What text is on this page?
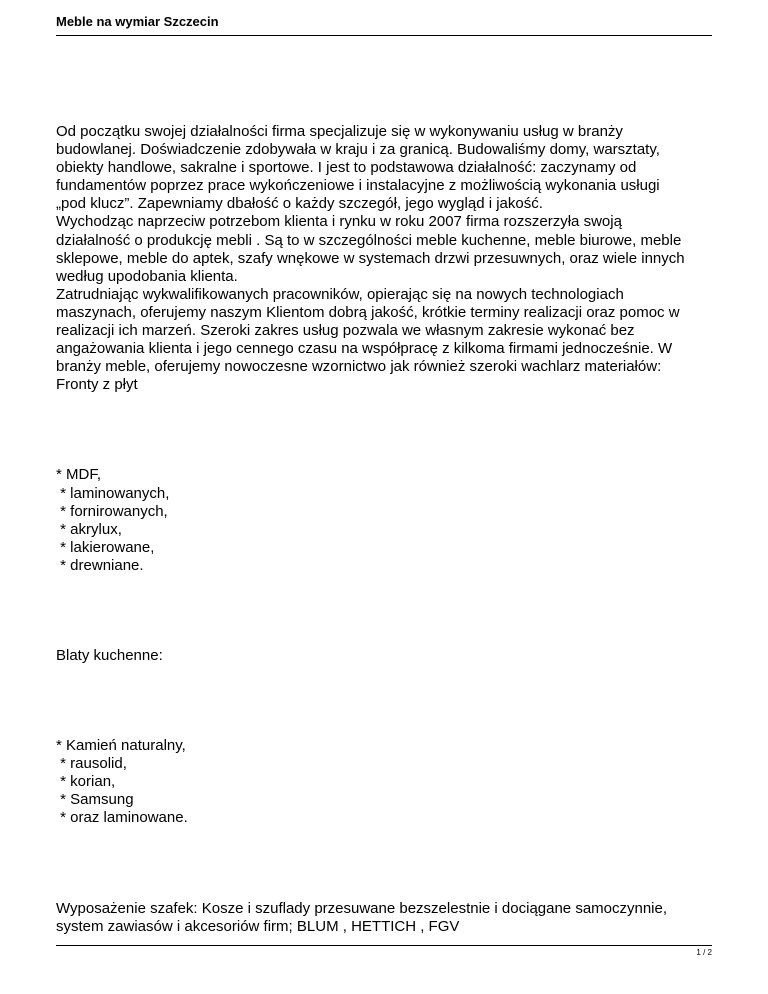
Meble na wymiar Szczecin

Od początku swojej działalności firma specjalizuje się w wykonywaniu usług w branży

budowlanej. Doświadczenie zdobywała w kraju i za granicą. Budowaliśmy domy, warsztaty,

obiekty handlowe, sakralne i sportowe. I jest to podstawowa działalność: zaczynamy od

fundamentów poprzez prace wykończeniowe i instalacyjne z możliwością wykonania usługi

„pod klucz”. Zapewniamy dbałość o każdy szczegół, jego wygląd i jakość.

Wychodząc naprzeciw potrzebom klienta i rynku w roku 2007 firma rozszerzyła swoją

działalność o produkcję mebli . Są to w szczególności meble kuchenne, meble biurowe, meble

sklepowe, meble do aptek, szafy wnękowe w systemach drzwi przesuwnych, oraz wiele innych

według upodobania klienta.

Zatrudniając wykwalifikowanych pracowników, opierając się na nowych technologiach

maszynach, oferujemy naszym Klientom dobrą jakość, krótkie terminy realizacji oraz pomoc w

realizacji ich marzeń. Szeroki zakres usług pozwala we własnym zakresie wykonać bez

angażowania klienta i jego cennego czasu na współpracę z kilkoma firmami jednocześnie. W

branży meble, oferujemy nowoczesne wzornictwo jak również szeroki wachlarz materiałów:

Fronty z płyt

* MDF,

* laminowanych,

* fornirowanych,

* akrylux,

* lakierowane,

* drewniane.

Blaty kuchenne:

* Kamień naturalny,

* rausolid,

* korian,

* Samsung

* oraz laminowane.

Wyposażenie szafek: Kosze i szuflady przesuwane bezszelestnie i dociągane samoczynnie,

system zawiasów i akcesoriów firm; BLUM , HETTICH , FGV

1 / 2
